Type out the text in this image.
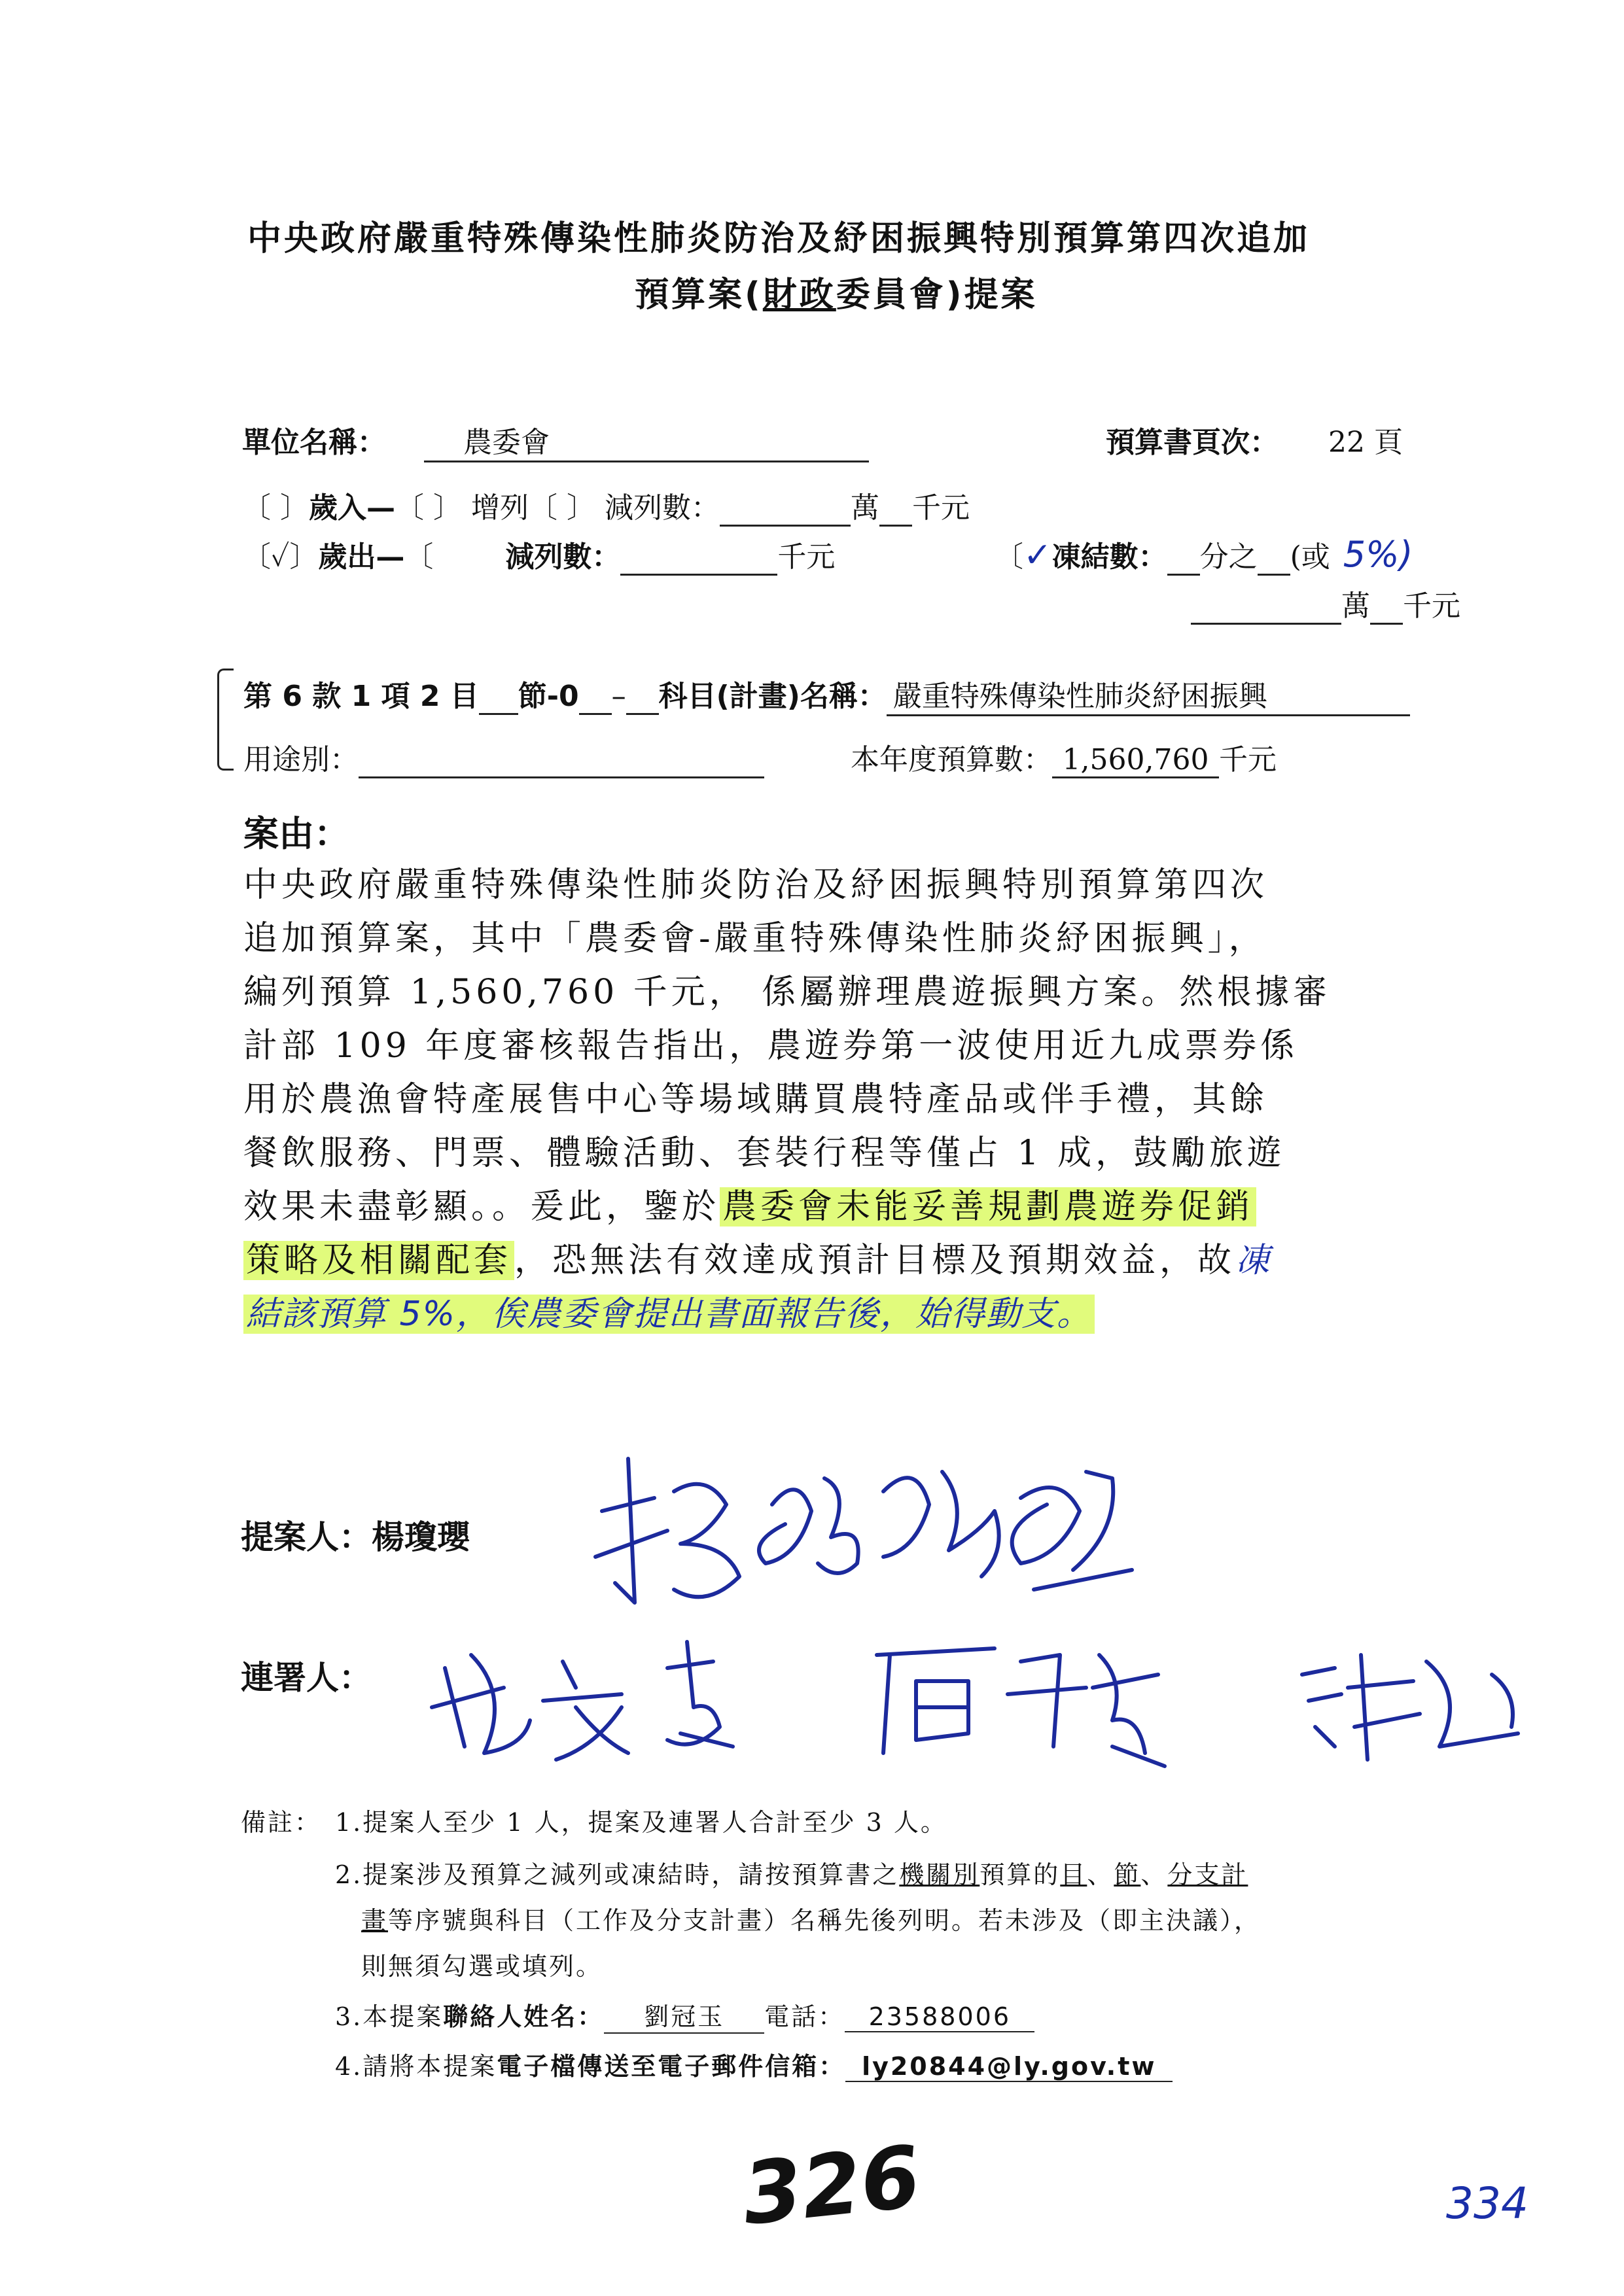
中央政府嚴重特殊傳染性肺炎防治及紓困振興特別預算第四次追加
預算案(財政委員會)提案
單位名稱：	農委會	預算書頁次： 22 頁
〔 〕歲入—〔 〕 增列〔 〕 減列數：	萬 千元
〔✓〕歲出—〔	減列數：	千元	〔✓凍結數： 分之 (或 5%)
萬 千元
第 6 款 1 項 2 目 節-0 – 科目(計畫)名稱： 嚴重特殊傳染性肺炎紓困振興
用途別：	本年度預算數： 1,560,760 千元
案由：
中央政府嚴重特殊傳染性肺炎防治及紓困振興特別預算第四次
追加預算案，其中「農委會-嚴重特殊傳染性肺炎紓困振興」，
編列預算 1,560,760 千元， 係屬辦理農遊振興方案。然根據審
計部 109 年度審核報告指出，農遊券第一波使用近九成票券係
用於農漁會特產展售中心等場域購買農特產品或伴手禮，其餘
餐飲服務、門票、體驗活動、套裝行程等僅占 1 成，鼓勵旅遊
效果未盡彰顯。。爰此，鑒於農委會未能妥善規劃農遊券促銷
策略及相關配套，恐無法有效達成預計目標及預期效益，故凍
結該預算 5%，俟農委會提出書面報告後，始得動支。
提案人：楊瓊瓔
連署人：
備註： 1.提案人至少 1 人，提案及連署人合計至少 3 人。
2.提案涉及預算之減列或凍結時，請按預算書之機關別預算的目、節、分支計
畫等序號與科目（工作及分支計畫）名稱先後列明。若未涉及（即主決議），
則無須勾選或填列。
3.本提案聯絡人姓名： 劉冠玉 電話： 23588006
4.請將本提案電子檔傳送至電子郵件信箱： ly20844@ly.gov.tw
326	334
